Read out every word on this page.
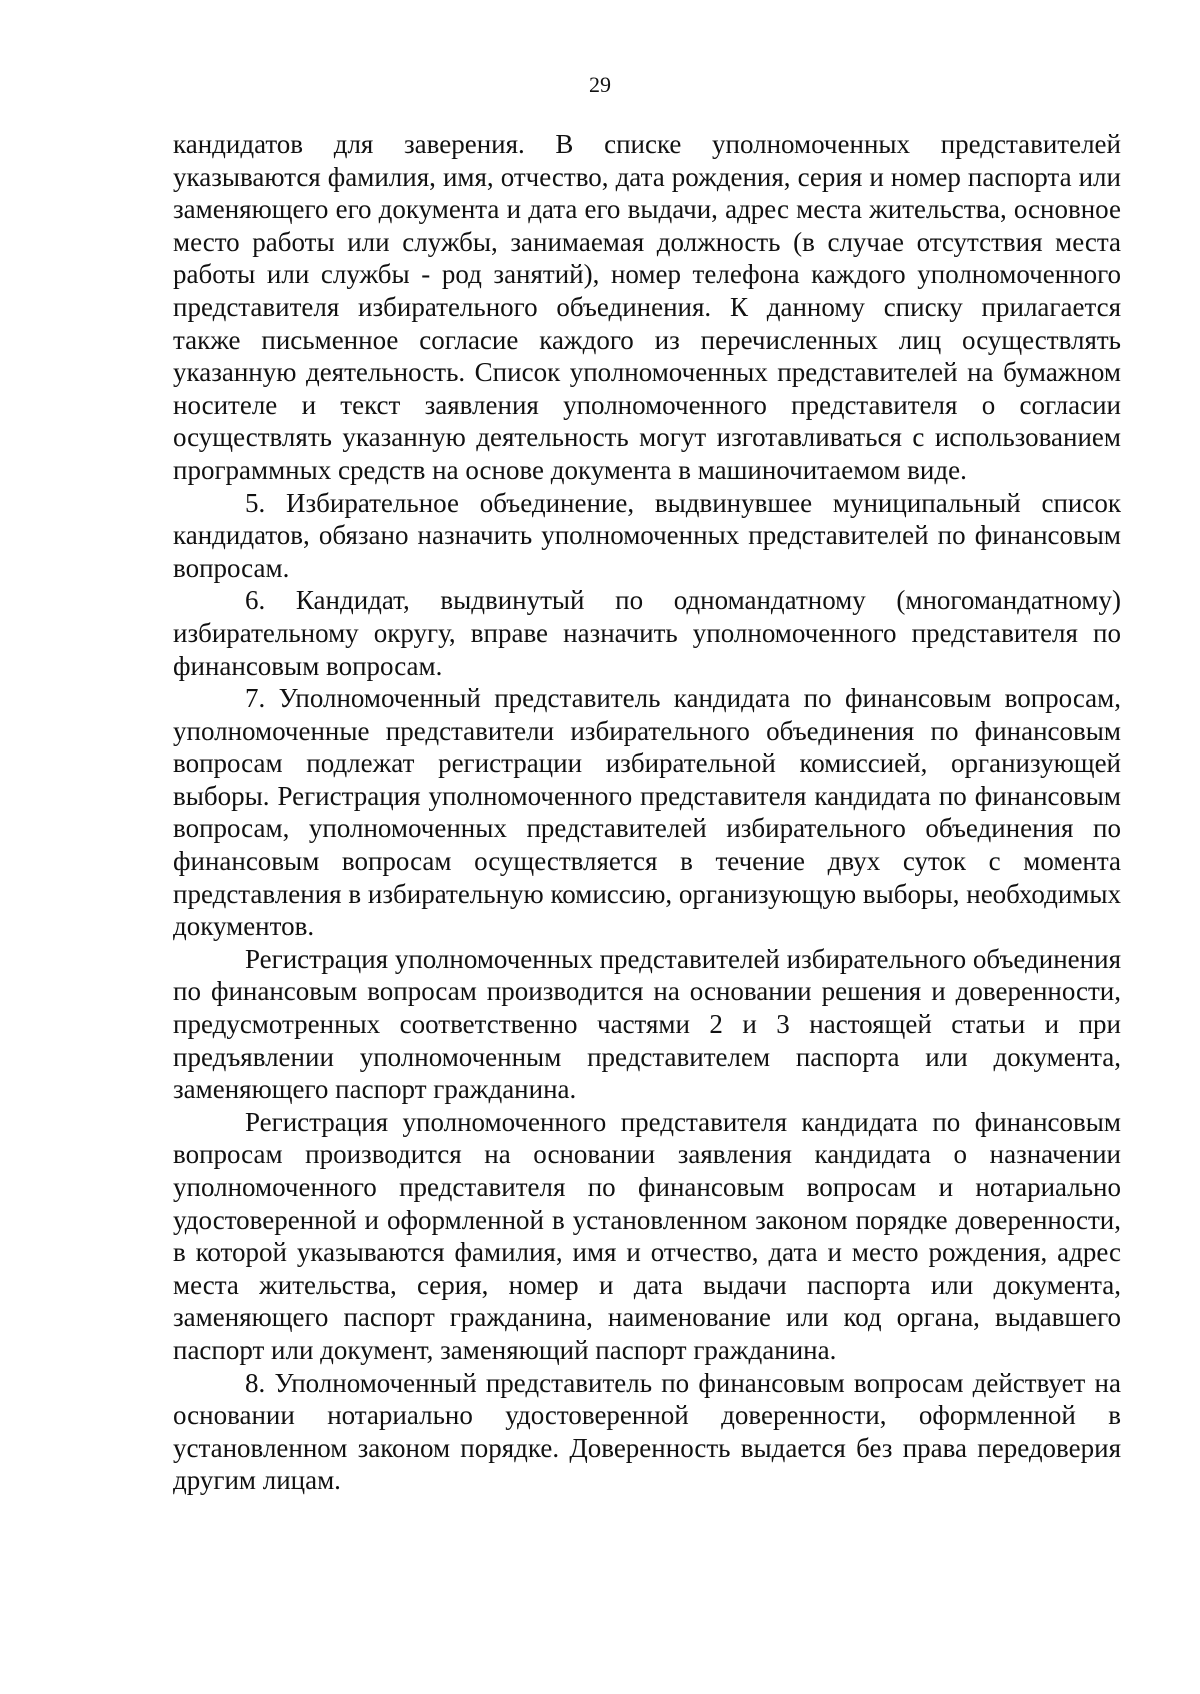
29

кандидатов для заверения. В списке уполномоченных представителей указываются фамилия, имя, отчество, дата рождения, серия и номер паспорта или заменяющего его документа и дата его выдачи, адрес места жительства, основное место работы или службы, занимаемая должность (в случае отсутствия места работы или службы - род занятий), номер телефона каждого уполномоченного представителя избирательного объединения. К данному списку прилагается также письменное согласие каждого из перечисленных лиц осуществлять указанную деятельность. Список уполномоченных представителей на бумажном носителе и текст заявления уполномоченного представителя о согласии осуществлять указанную деятельность могут изготавливаться с использованием программных средств на основе документа в машиночитаемом виде.

5. Избирательное объединение, выдвинувшее муниципальный список кандидатов, обязано назначить уполномоченных представителей по финансовым вопросам.

6. Кандидат, выдвинутый по одномандатному (многомандатному) избирательному округу, вправе назначить уполномоченного представителя по финансовым вопросам.

7. Уполномоченный представитель кандидата по финансовым вопросам, уполномоченные представители избирательного объединения по финансовым вопросам подлежат регистрации избирательной комиссией, организующей выборы. Регистрация уполномоченного представителя кандидата по финансовым вопросам, уполномоченных представителей избирательного объединения по финансовым вопросам осуществляется в течение двух суток с момента представления в избирательную комиссию, организующую выборы, необходимых документов.

Регистрация уполномоченных представителей избирательного объединения по финансовым вопросам производится на основании решения и доверенности, предусмотренных соответственно частями 2 и 3 настоящей статьи и при предъявлении уполномоченным представителем паспорта или документа, заменяющего паспорт гражданина.

Регистрация уполномоченного представителя кандидата по финансовым вопросам производится на основании заявления кандидата о назначении уполномоченного представителя по финансовым вопросам и нотариально удостоверенной и оформленной в установленном законом порядке доверенности, в которой указываются фамилия, имя и отчество, дата и место рождения, адрес места жительства, серия, номер и дата выдачи паспорта или документа, заменяющего паспорт гражданина, наименование или код органа, выдавшего паспорт или документ, заменяющий паспорт гражданина.

8. Уполномоченный представитель по финансовым вопросам действует на основании нотариально удостоверенной доверенности, оформленной в установленном законом порядке. Доверенность выдается без права передоверия другим лицам.
